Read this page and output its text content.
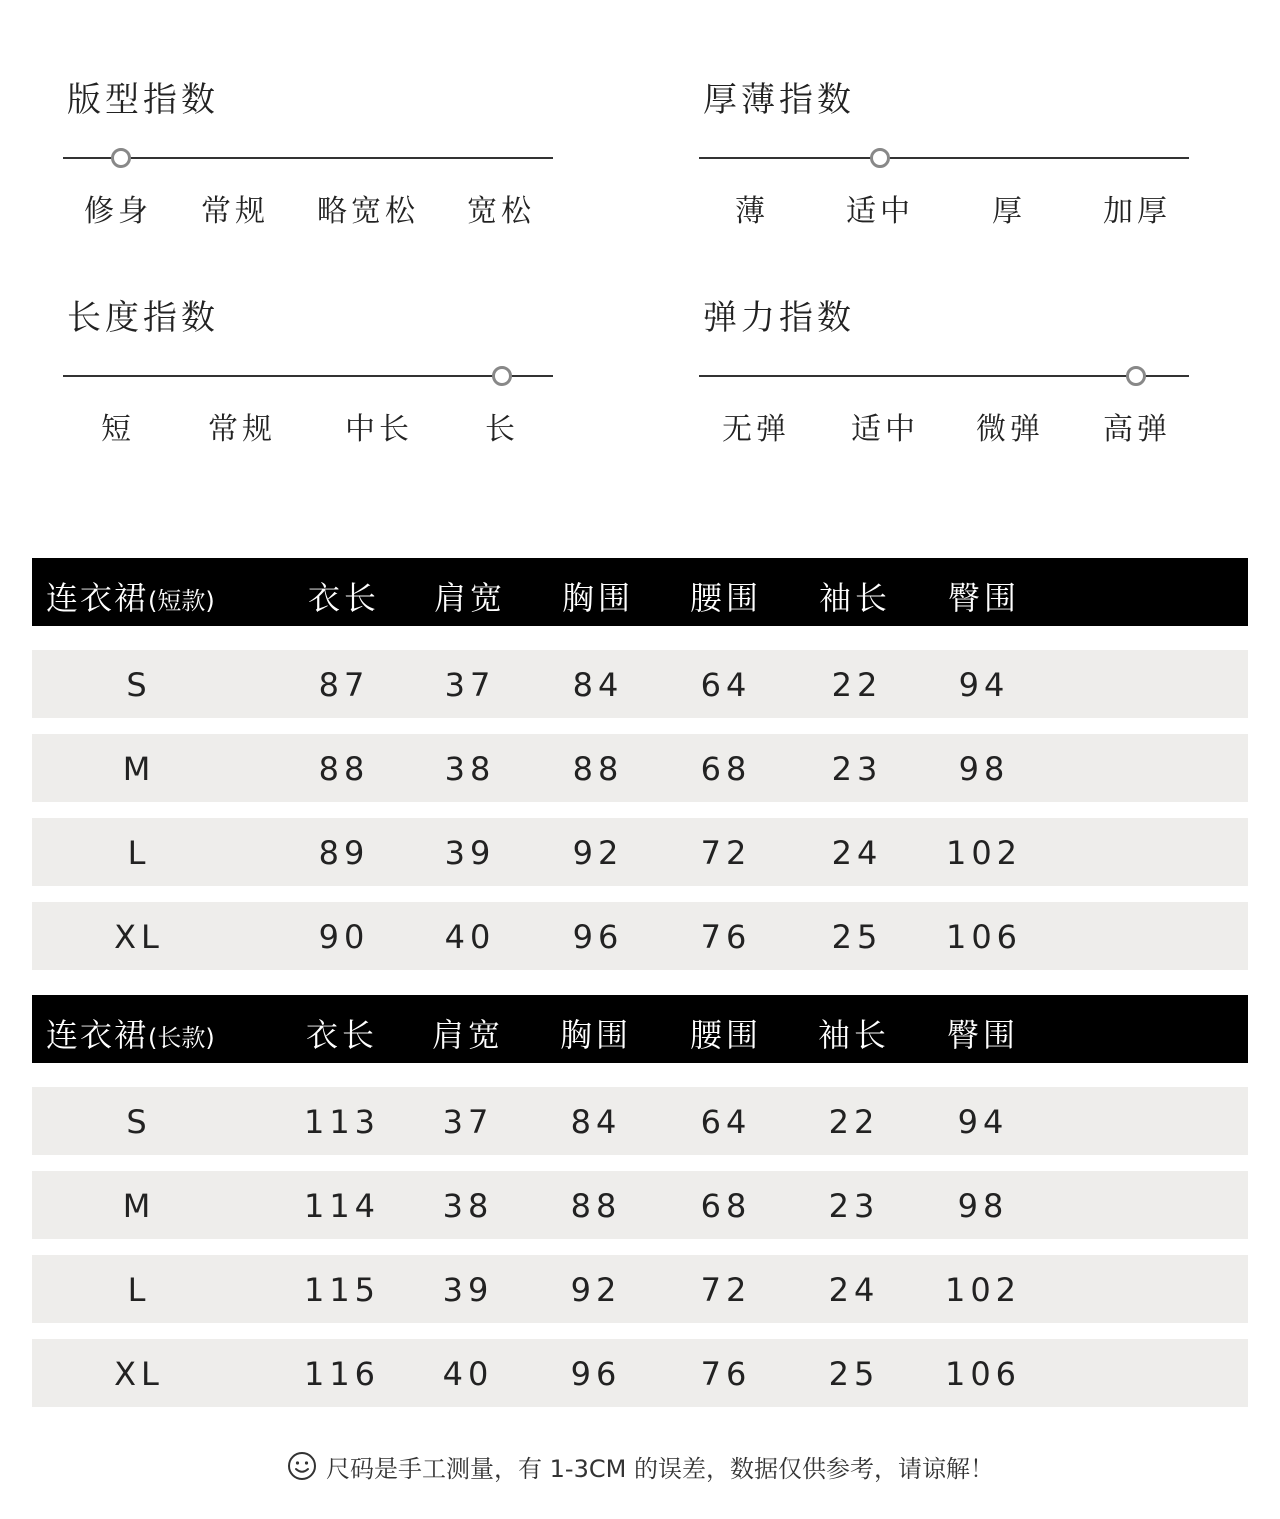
版型指数
修身 常规 略宽松 宽松
厚薄指数
薄	适中	厚	加厚
长度指数
短 常规 中长 长
弹力指数
无弹 适中 微弹 高弹
连衣裙(短款)	衣长 肩宽 胸围 腰围 袖长 臀围
S	87 37 84 64	22 94
M	88 38 88 68	23 98
L	89 39 92 72	24 102
XL	90 40 96 76	25 106
连衣裙(长款)	衣长 肩宽 胸围 腰围 袖长 臀围
S	113 37 84 64 22 94
M	114 38 88 68 23 98
L	115 39 92 72 24 102
XL	116 40 96 76 25 106
尺码是手工测量，有 1-3CM 的误差，数据仅供参考，请谅解！
